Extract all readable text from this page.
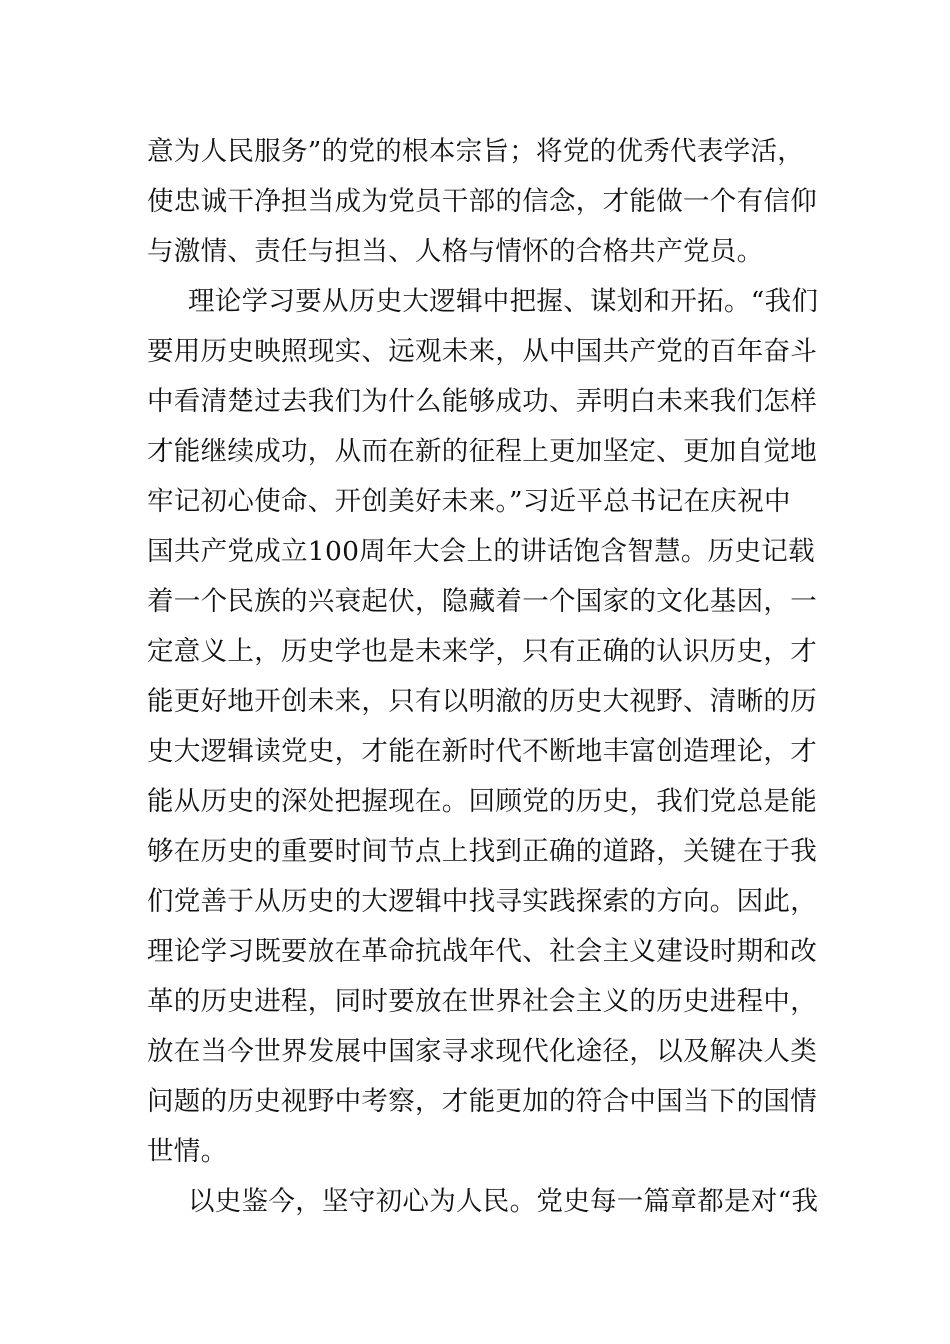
意为人民服务”的党的根本宗旨；将党的优秀代表学活，
使忠诚干净担当成为党员干部的信念，才能做一个有信仰
与激情、责任与担当、人格与情怀的合格共产党员。
理论学习要从历史大逻辑中把握、谋划和开拓。“我们
要用历史映照现实、远观未来，从中国共产党的百年奋斗
中看清楚过去我们为什么能够成功、弄明白未来我们怎样
才能继续成功，从而在新的征程上更加坚定、更加自觉地
牢记初心使命、开创美好未来。”习近平总书记在庆祝中
国共产党成立100周年大会上的讲话饱含智慧。历史记载
着一个民族的兴衰起伏，隐藏着一个国家的文化基因，一
定意义上，历史学也是未来学，只有正确的认识历史，才
能更好地开创未来，只有以明澈的历史大视野、清晰的历
史大逻辑读党史，才能在新时代不断地丰富创造理论，才
能从历史的深处把握现在。回顾党的历史，我们党总是能
够在历史的重要时间节点上找到正确的道路，关键在于我
们党善于从历史的大逻辑中找寻实践探索的方向。因此，
理论学习既要放在革命抗战年代、社会主义建设时期和改
革的历史进程，同时要放在世界社会主义的历史进程中，
放在当今世界发展中国家寻求现代化途径，以及解决人类
问题的历史视野中考察，才能更加的符合中国当下的国情
世情。
以史鉴今，坚守初心为人民。党史每一篇章都是对“我
